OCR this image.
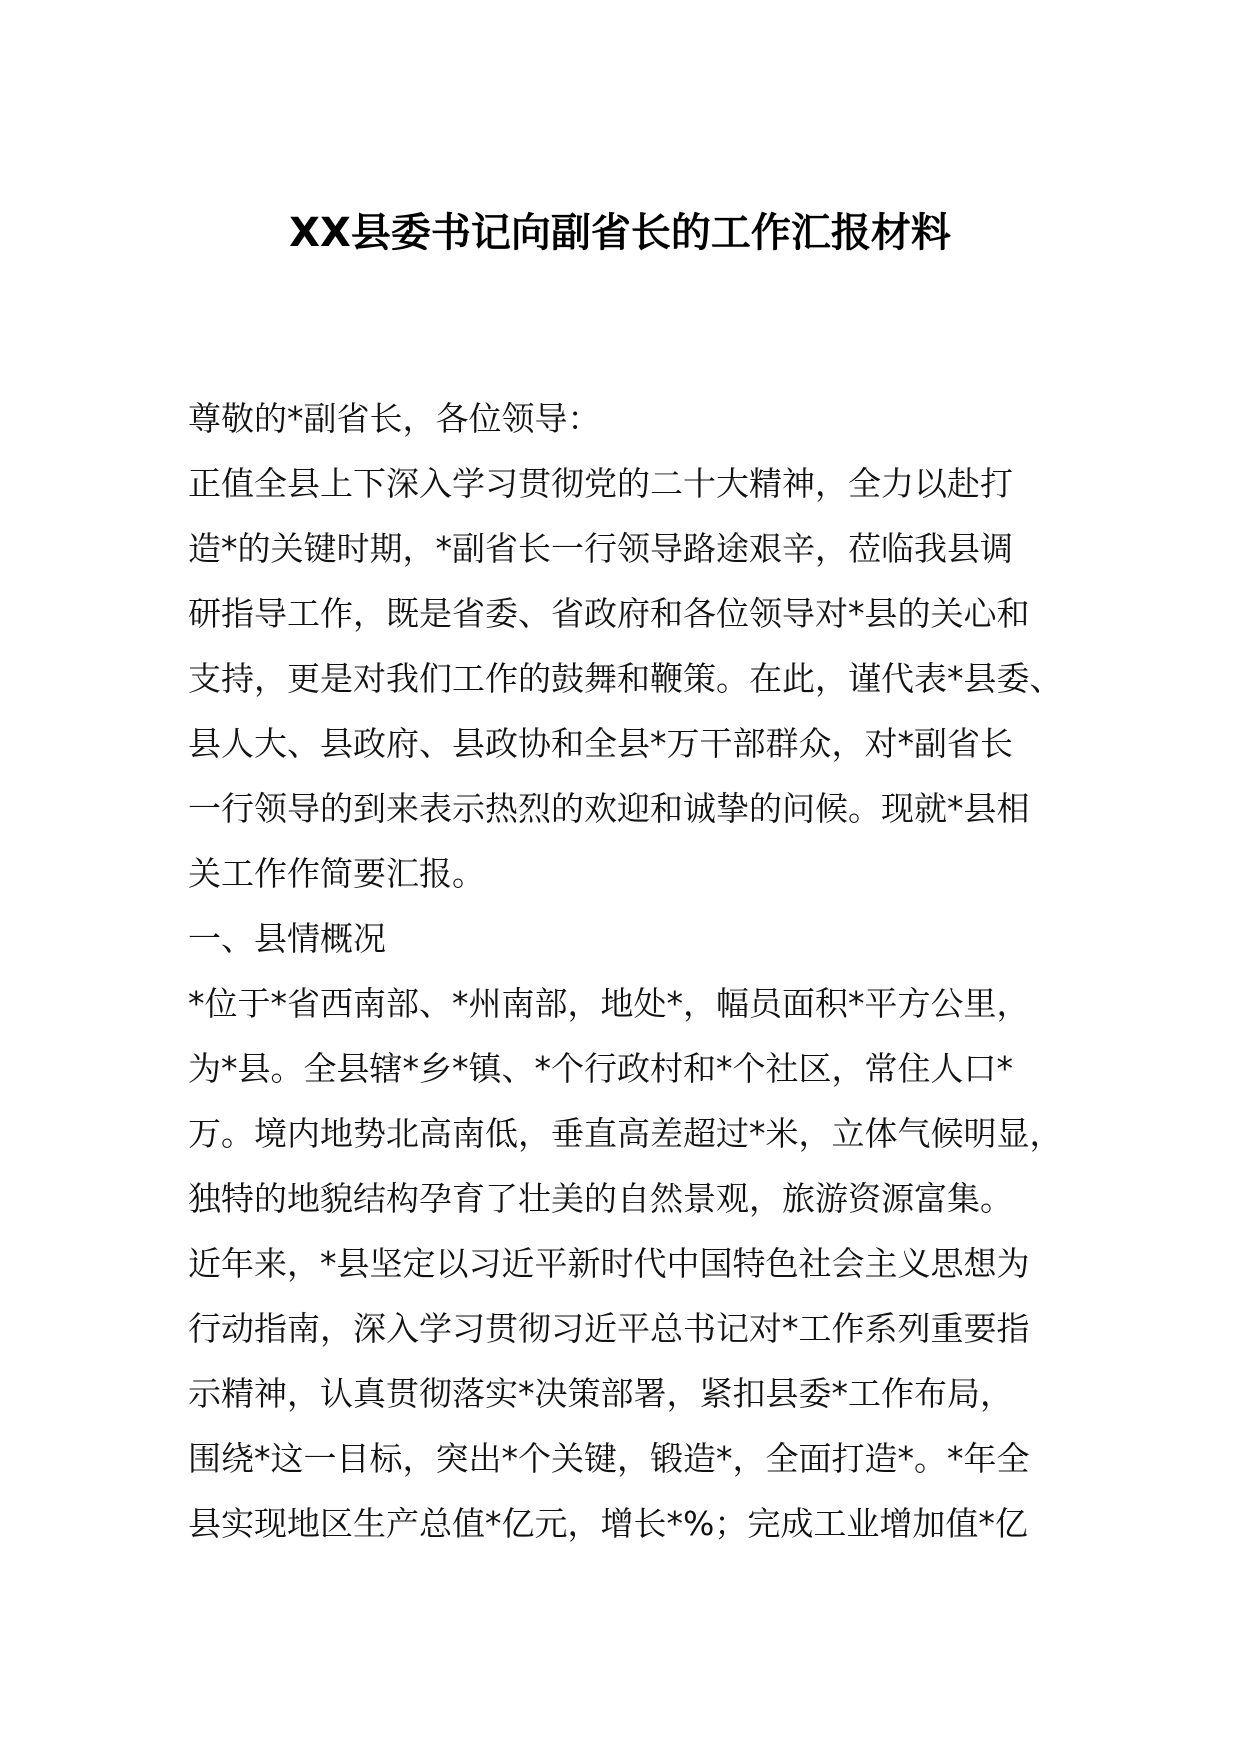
XX县委书记向副省长的工作汇报材料
尊敬的*副省长，各位领导：
正值全县上下深入学习贯彻党的二十大精神，全力以赴打
造*的关键时期，*副省长一行领导路途艰辛，莅临我县调
研指导工作，既是省委、省政府和各位领导对*县的关心和
支持，更是对我们工作的鼓舞和鞭策。在此，谨代表*县委、
县人大、县政府、县政协和全县*万干部群众，对*副省长
一行领导的到来表示热烈的欢迎和诚挚的问候。现就*县相
关工作作简要汇报。
一、县情概况
*位于*省西南部、*州南部，地处*，幅员面积*平方公里，
为*县。全县辖*乡*镇、*个行政村和*个社区，常住人口*
万。境内地势北高南低，垂直高差超过*米，立体气候明显，
独特的地貌结构孕育了壮美的自然景观，旅游资源富集。
近年来，*县坚定以习近平新时代中国特色社会主义思想为
行动指南，深入学习贯彻习近平总书记对*工作系列重要指
示精神，认真贯彻落实*决策部署，紧扣县委*工作布局，
围绕*这一目标，突出*个关键，锻造*，全面打造*。*年全
县实现地区生产总值*亿元，增长*%；完成工业增加值*亿
